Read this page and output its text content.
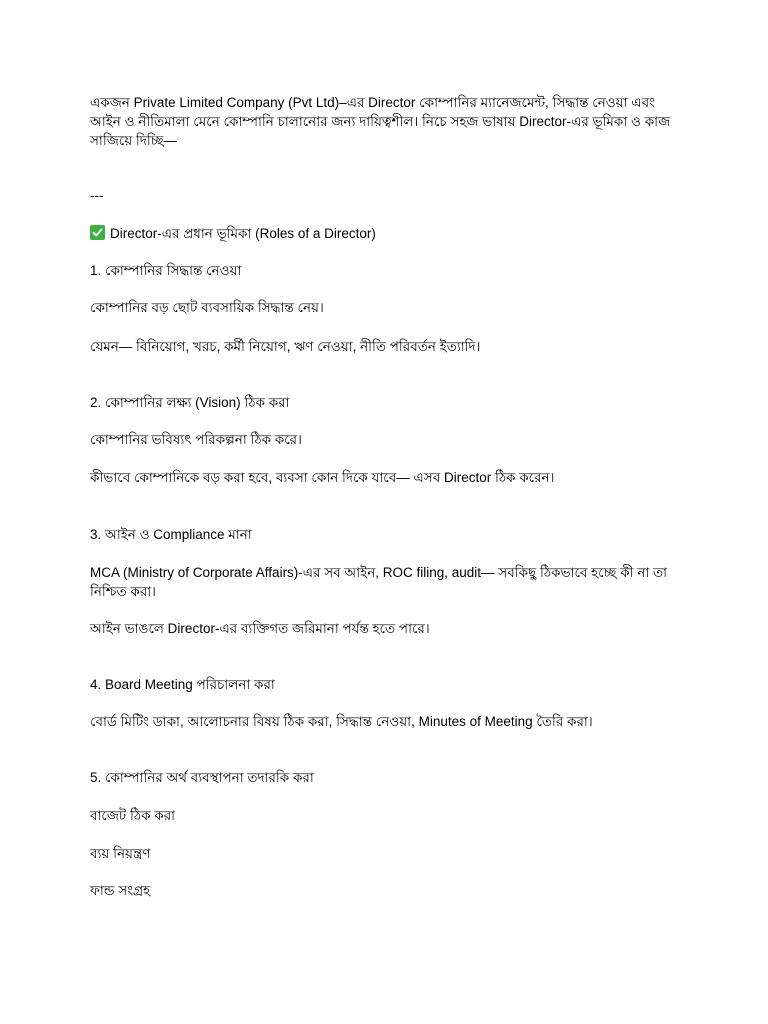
একজন Private Limited Company (Pvt Ltd)–এর Director কোম্পানির ম্যানেজমেন্ট, সিদ্ধান্ত নেওয়া এবং আইন ও নীতিমালা মেনে কোম্পানি চালানোর জন্য দায়িত্বশীল। নিচে সহজ ভাষায় Director-এর ভূমিকা ও কাজ সাজিয়ে দিচ্ছি—
---
Director-এর প্রধান ভূমিকা (Roles of a Director)
1. কোম্পানির সিদ্ধান্ত নেওয়া
কোম্পানির বড় ছোট ব্যবসায়িক সিদ্ধান্ত নেয়।
যেমন— বিনিয়োগ, খরচ, কর্মী নিয়োগ, ঋণ নেওয়া, নীতি পরিবর্তন ইত্যাদি।
2. কোম্পানির লক্ষ্য (Vision) ঠিক করা
কোম্পানির ভবিষ্যৎ পরিকল্পনা ঠিক করে।
কীভাবে কোম্পানিকে বড় করা হবে, ব্যবসা কোন দিকে যাবে— এসব Director ঠিক করেন।
3. আইন ও Compliance মানা
MCA (Ministry of Corporate Affairs)-এর সব আইন, ROC filing, audit— সবকিছু ঠিকভাবে হচ্ছে কী না তা নিশ্চিত করা।
আইন ভাঙলে Director-এর ব্যক্তিগত জরিমানা পর্যন্ত হতে পারে।
4. Board Meeting পরিচালনা করা
বোর্ড মিটিং ডাকা, আলোচনার বিষয় ঠিক করা, সিদ্ধান্ত নেওয়া, Minutes of Meeting তৈরি করা।
5. কোম্পানির অর্থ ব্যবস্থাপনা তদারকি করা
বাজেট ঠিক করা
ব্যয় নিয়ন্ত্রণ
ফান্ড সংগ্রহ
